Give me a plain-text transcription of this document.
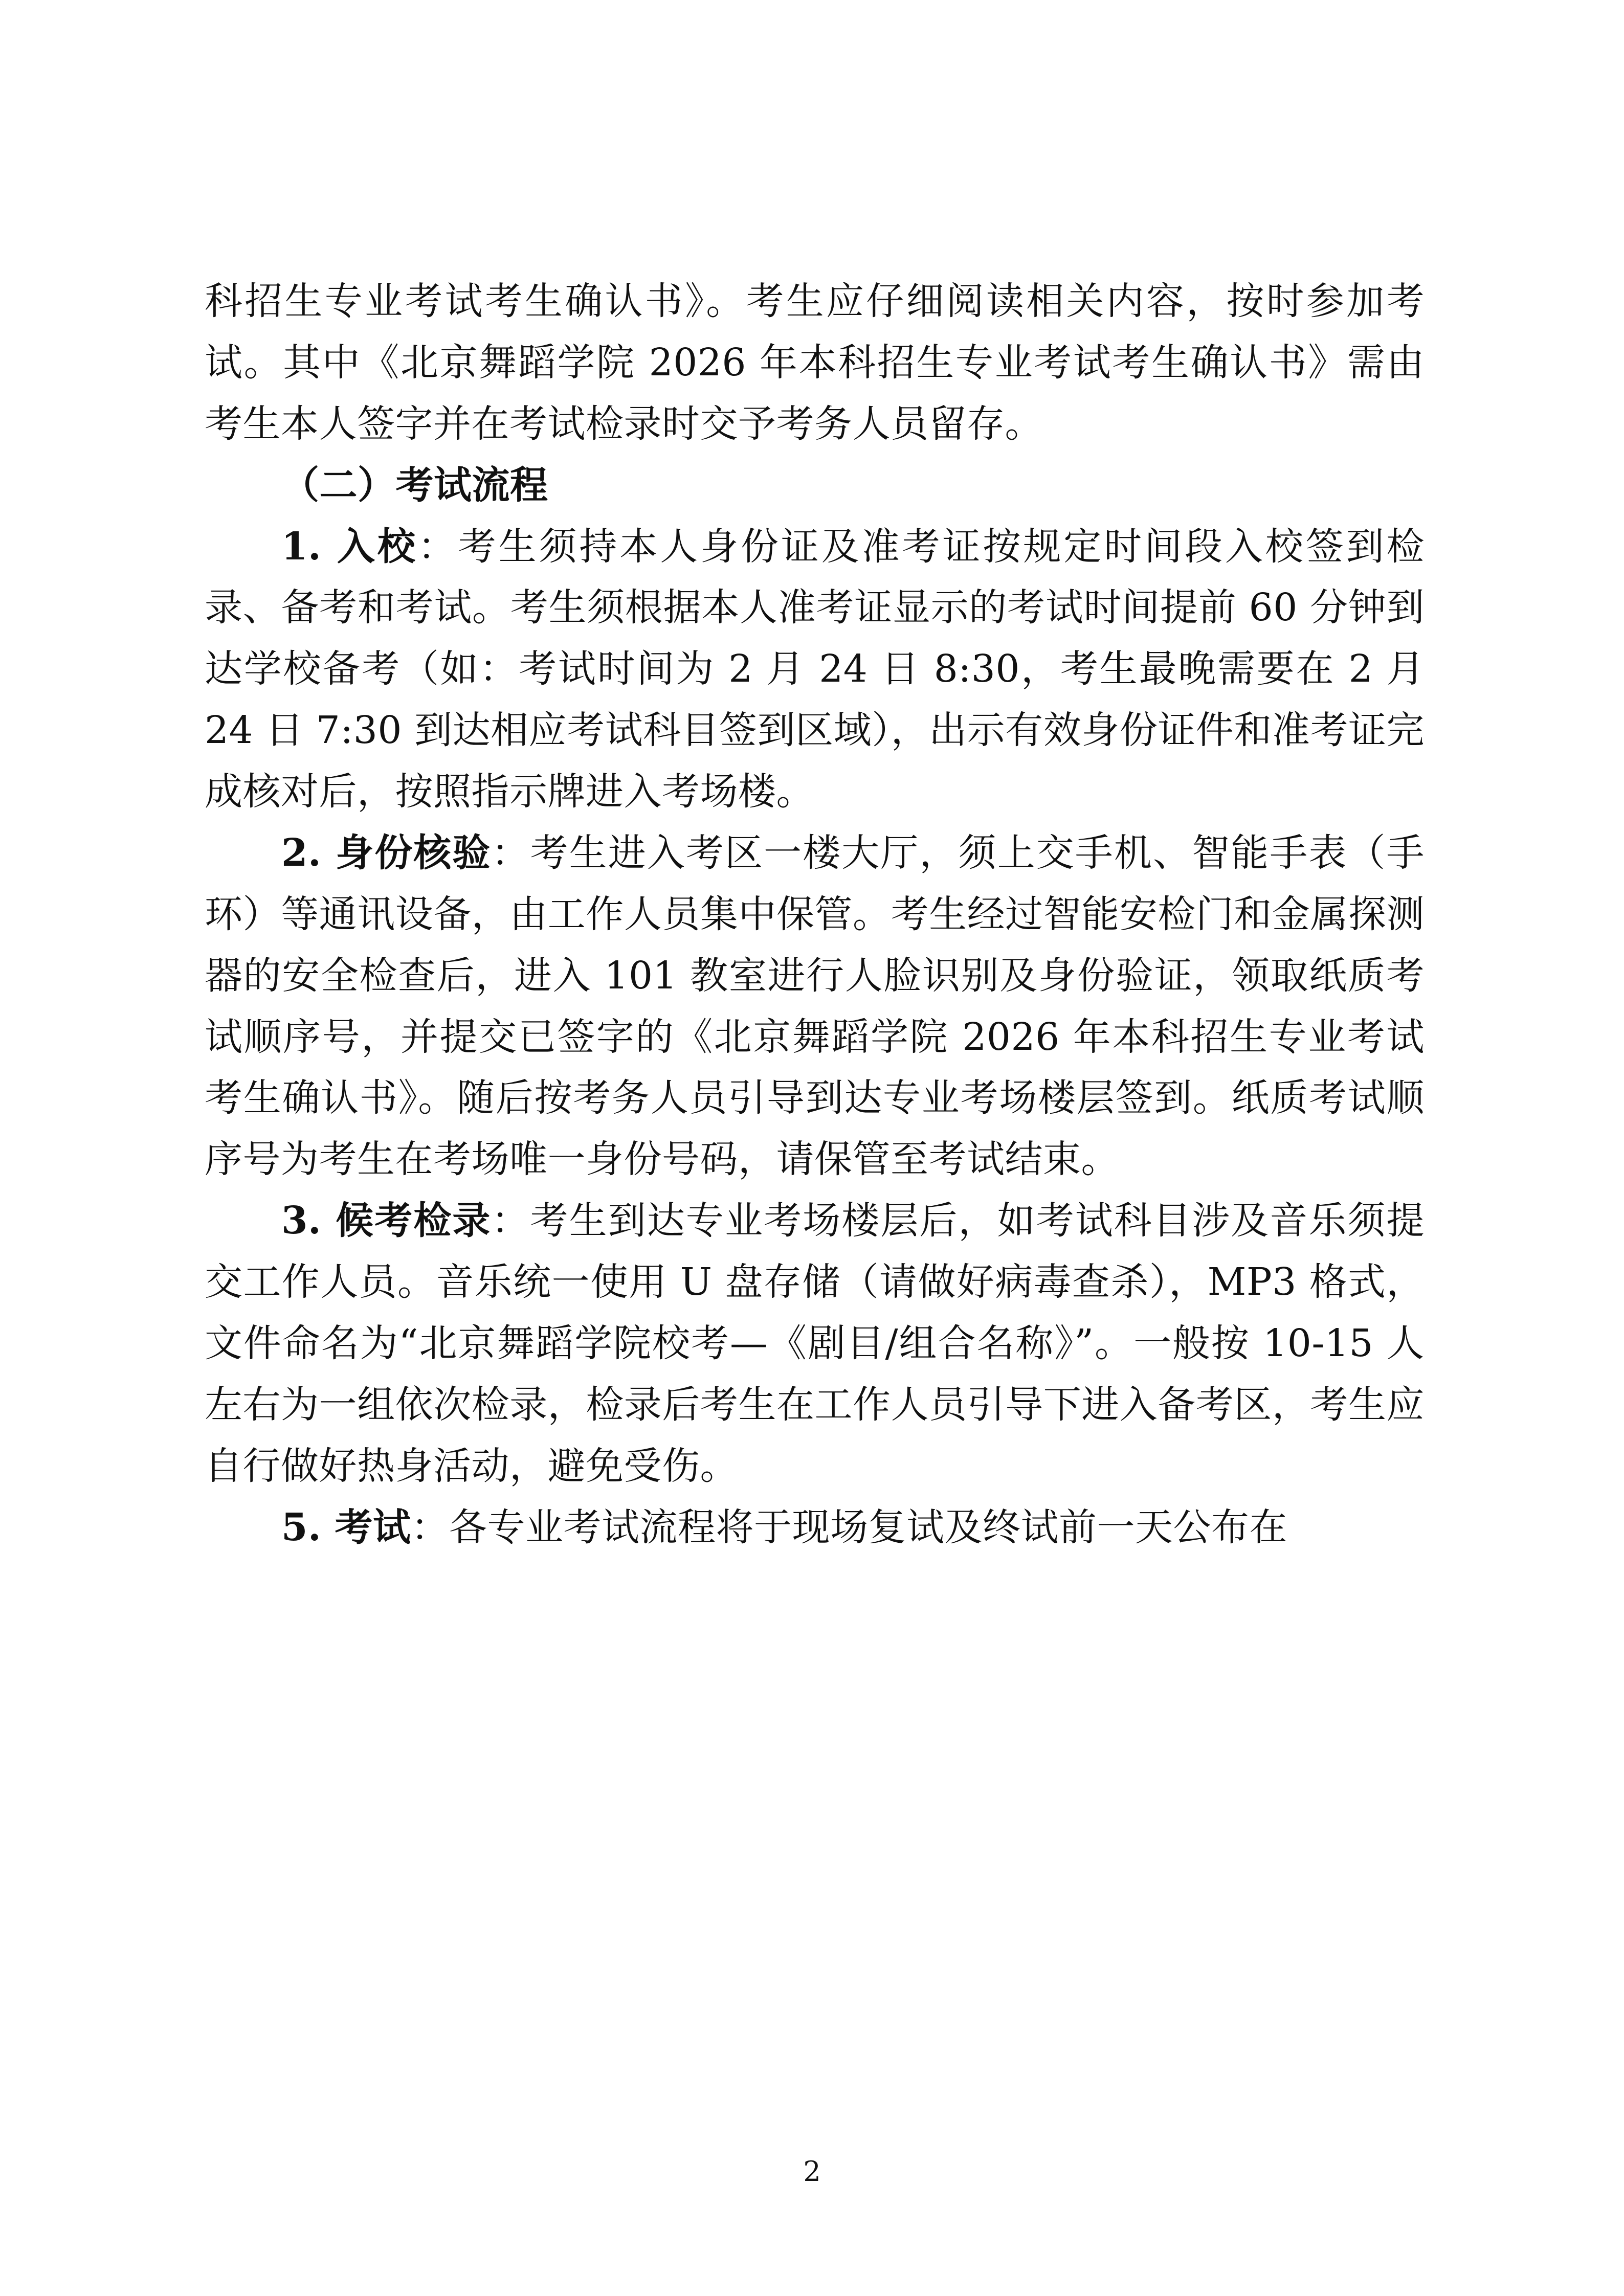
科招生专业考试考生确认书》。考生应仔细阅读相关内容，按时参加考试。其中《北京舞蹈学院 2026 年本科招生专业考试考生确认书》需由考生本人签字并在考试检录时交予考务人员留存。

（二）考试流程

1. 入校：考生须持本人身份证及准考证按规定时间段入校签到检录、备考和考试。考生须根据本人准考证显示的考试时间提前 60 分钟到达学校备考（如：考试时间为 2 月 24 日 8:30，考生最晚需要在 2 月 24 日 7:30 到达相应考试科目签到区域），出示有效身份证件和准考证完成核对后，按照指示牌进入考场楼。

2. 身份核验：考生进入考区一楼大厅，须上交手机、智能手表（手环）等通讯设备，由工作人员集中保管。考生经过智能安检门和金属探测器的安全检查后，进入 101 教室进行人脸识别及身份验证，领取纸质考试顺序号，并提交已签字的《北京舞蹈学院 2026 年本科招生专业考试考生确认书》。随后按考务人员引导到达专业考场楼层签到。纸质考试顺序号为考生在考场唯一身份号码，请保管至考试结束。

3. 候考检录：考生到达专业考场楼层后，如考试科目涉及音乐须提交工作人员。音乐统一使用 U 盘存储（请做好病毒查杀），MP3 格式，文件命名为“北京舞蹈学院校考—《剧目/组合名称》”。一般按 10-15 人左右为一组依次检录，检录后考生在工作人员引导下进入备考区，考生应自行做好热身活动，避免受伤。

5. 考试：各专业考试流程将于现场复试及终试前一天公布在

2
